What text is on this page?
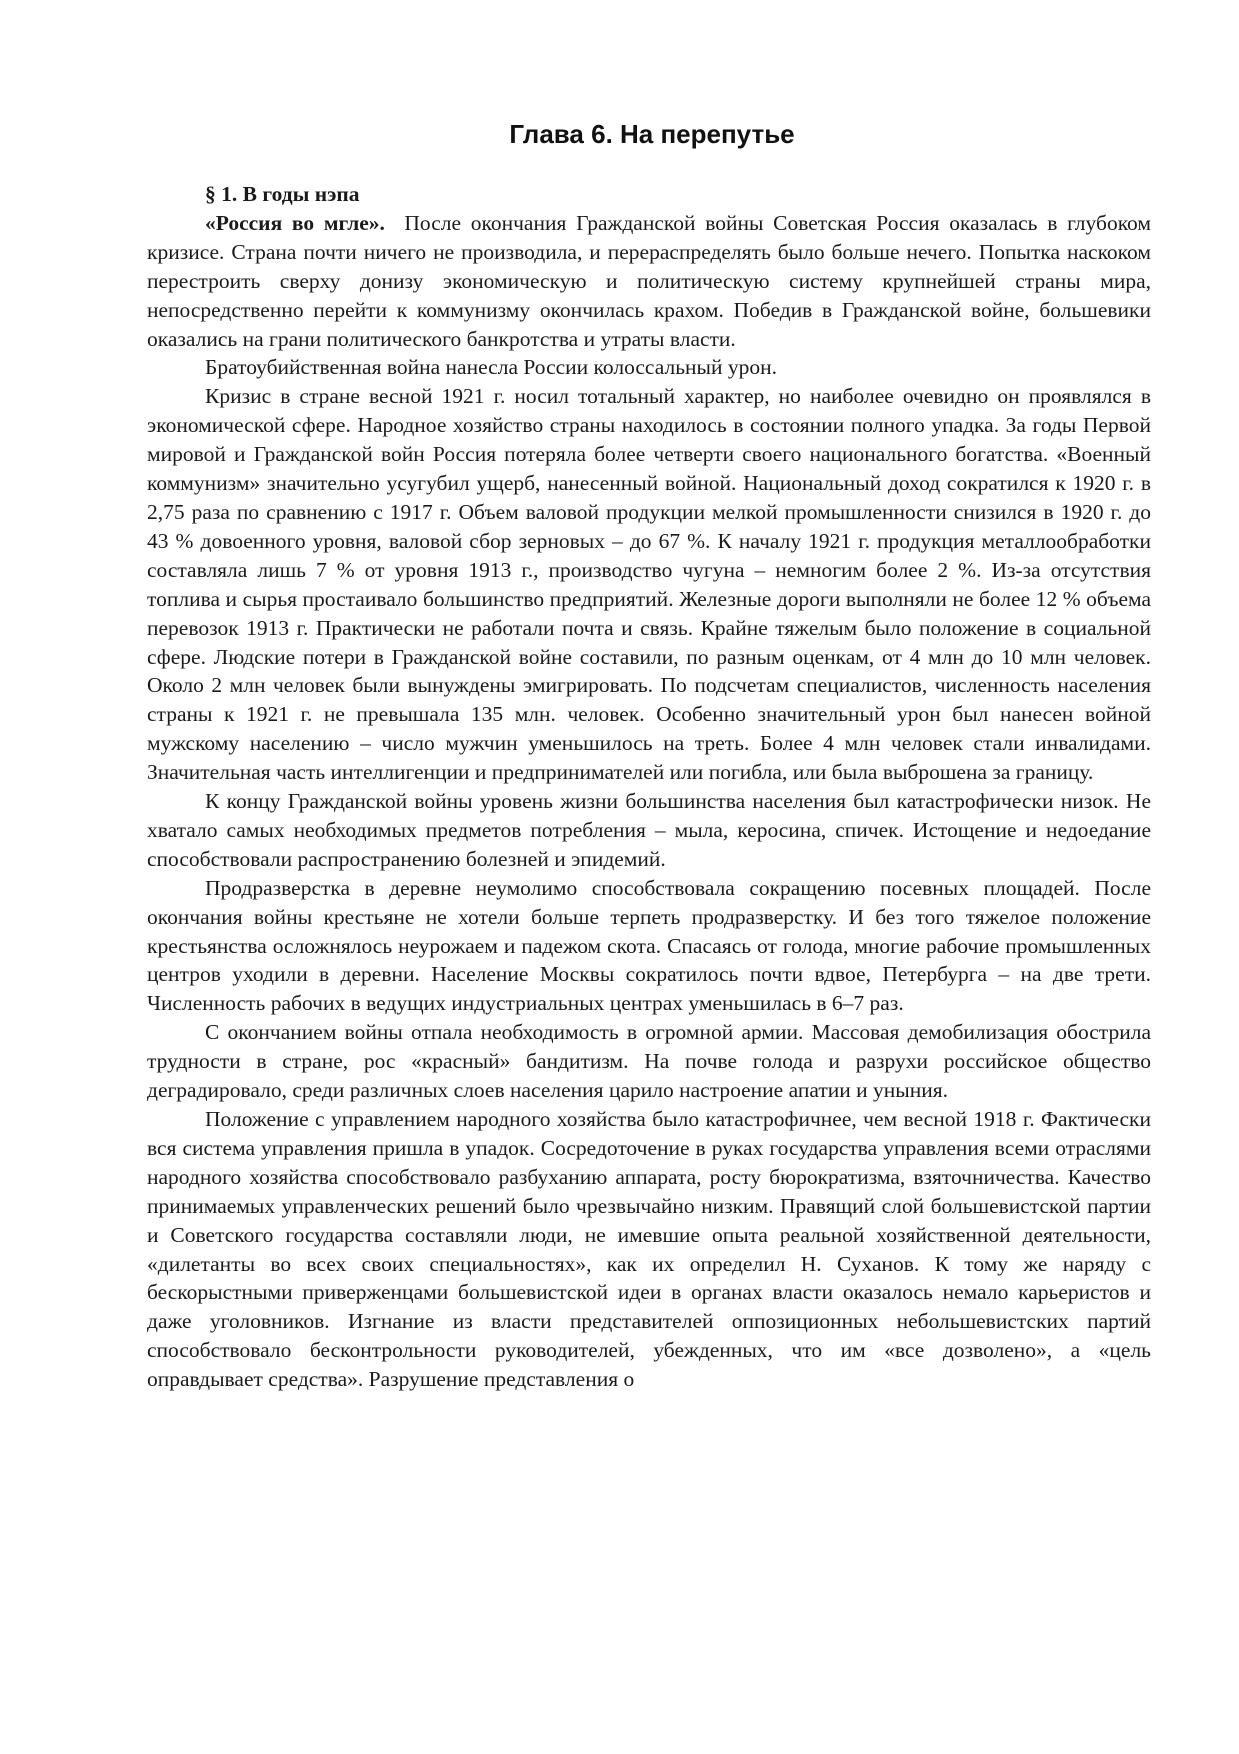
Глава 6. На перепутье

§ 1. В годы нэпа

«Россия во мгле». После окончания Гражданской войны Советская Россия оказалась в глубоком кризисе. Страна почти ничего не производила, и перераспределять было больше нечего. Попытка наскоком перестроить сверху донизу экономическую и политическую систему крупнейшей страны мира, непосредственно перейти к коммунизму окончилась крахом. Победив в Гражданской войне, большевики оказались на грани политического банкротства и утраты власти.

Братоубийственная война нанесла России колоссальный урон.

Кризис в стране весной 1921 г. носил тотальный характер, но наиболее очевидно он проявлялся в экономической сфере. Народное хозяйство страны находилось в состоянии полного упадка. За годы Первой мировой и Гражданской войн Россия потеряла более четверти своего национального богатства. «Военный коммунизм» значительно усугубил ущерб, нанесенный войной. Национальный доход сократился к 1920 г. в 2,75 раза по сравнению с 1917 г. Объем валовой продукции мелкой промышленности снизился в 1920 г. до 43 % довоенного уровня, валовой сбор зерновых – до 67 %. К началу 1921 г. продукция металлообработки составляла лишь 7 % от уровня 1913 г., производство чугуна – немногим более 2 %. Из-за отсутствия топлива и сырья простаивало большинство предприятий. Железные дороги выполняли не более 12 % объема перевозок 1913 г. Практически не работали почта и связь. Крайне тяжелым было положение в социальной сфере. Людские потери в Гражданской войне составили, по разным оценкам, от 4 млн до 10 млн человек. Около 2 млн человек были вынуждены эмигрировать. По подсчетам специалистов, численность населения страны к 1921 г. не превышала 135 млн. человек. Особенно значительный урон был нанесен войной мужскому населению – число мужчин уменьшилось на треть. Более 4 млн человек стали инвалидами. Значительная часть интеллигенции и предпринимателей или погибла, или была выброшена за границу.

К концу Гражданской войны уровень жизни большинства населения был катастрофически низок. Не хватало самых необходимых предметов потребления – мыла, керосина, спичек. Истощение и недоедание способствовали распространению болезней и эпидемий.

Продразверстка в деревне неумолимо способствовала сокращению посевных площадей. После окончания войны крестьяне не хотели больше терпеть продразверстку. И без того тяжелое положение крестьянства осложнялось неурожаем и падежом скота. Спасаясь от голода, многие рабочие промышленных центров уходили в деревни. Население Москвы сократилось почти вдвое, Петербурга – на две трети. Численность рабочих в ведущих индустриальных центрах уменьшилась в 6–7 раз.

С окончанием войны отпала необходимость в огромной армии. Массовая демобилизация обострила трудности в стране, рос «красный» бандитизм. На почве голода и разрухи российское общество деградировало, среди различных слоев населения царило настроение апатии и уныния.

Положение с управлением народного хозяйства было катастрофичнее, чем весной 1918 г. Фактически вся система управления пришла в упадок. Сосредоточение в руках государства управления всеми отраслями народного хозяйства способствовало разбуханию аппарата, росту бюрократизма, взяточничества. Качество принимаемых управленческих решений было чрезвычайно низким. Правящий слой большевистской партии и Советского государства составляли люди, не имевшие опыта реальной хозяйственной деятельности, «дилетанты во всех своих специальностях», как их определил Н. Суханов. К тому же наряду с бескорыстными приверженцами большевистской идеи в органах власти оказалось немало карьеристов и даже уголовников. Изгнание из власти представителей оппозиционных небольшевистских партий способствовало бесконтрольности руководителей, убежденных, что им «все дозволено», а «цель оправдывает средства». Разрушение представления о
